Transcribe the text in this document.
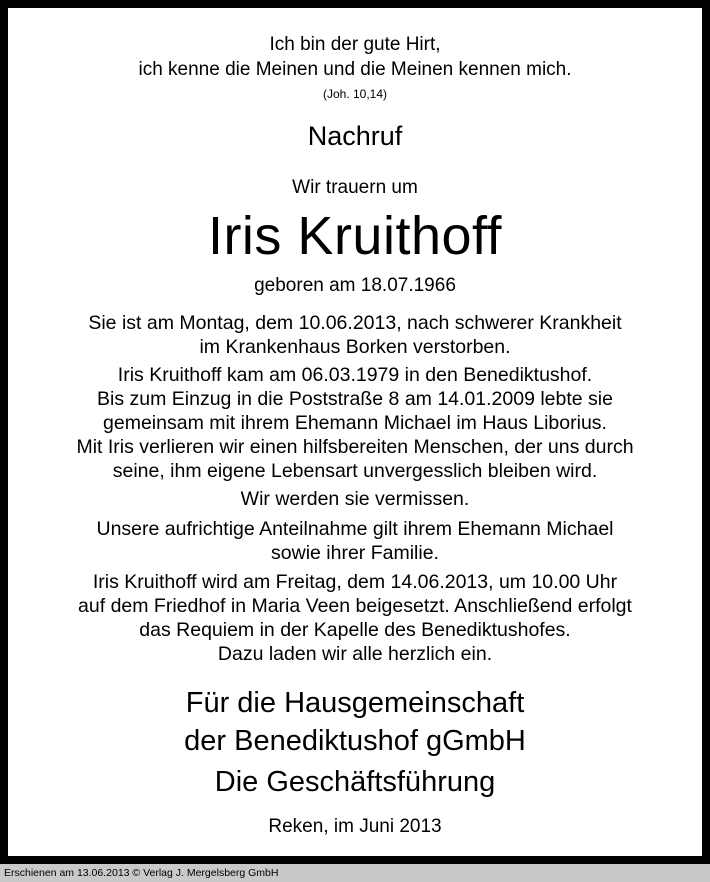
Ich bin der gute Hirt,
ich kenne die Meinen und die Meinen kennen mich.
(Joh. 10,14)
Nachruf
Wir trauern um
Iris Kruithoff
geboren am 18.07.1966
Sie ist am Montag, dem 10.06.2013, nach schwerer Krankheit
im Krankenhaus Borken verstorben.
Iris Kruithoff kam am 06.03.1979 in den Benediktushof.
Bis zum Einzug in die Poststraße 8 am 14.01.2009 lebte sie
gemeinsam mit ihrem Ehemann Michael im Haus Liborius.
Mit Iris verlieren wir einen hilfsbereiten Menschen, der uns durch
seine, ihm eigene Lebensart unvergesslich bleiben wird.
Wir werden sie vermissen.
Unsere aufrichtige Anteilnahme gilt ihrem Ehemann Michael
sowie ihrer Familie.
Iris Kruithoff wird am Freitag, dem 14.06.2013, um 10.00 Uhr
auf dem Friedhof in Maria Veen beigesetzt. Anschließend erfolgt
das Requiem in der Kapelle des Benediktushofes.
Dazu laden wir alle herzlich ein.
Für die Hausgemeinschaft
der Benediktushof gGmbH
Die Geschäftsführung
Reken, im Juni 2013
Erschienen am 13.06.2013 © Verlag J. Mergelsberg GmbH
